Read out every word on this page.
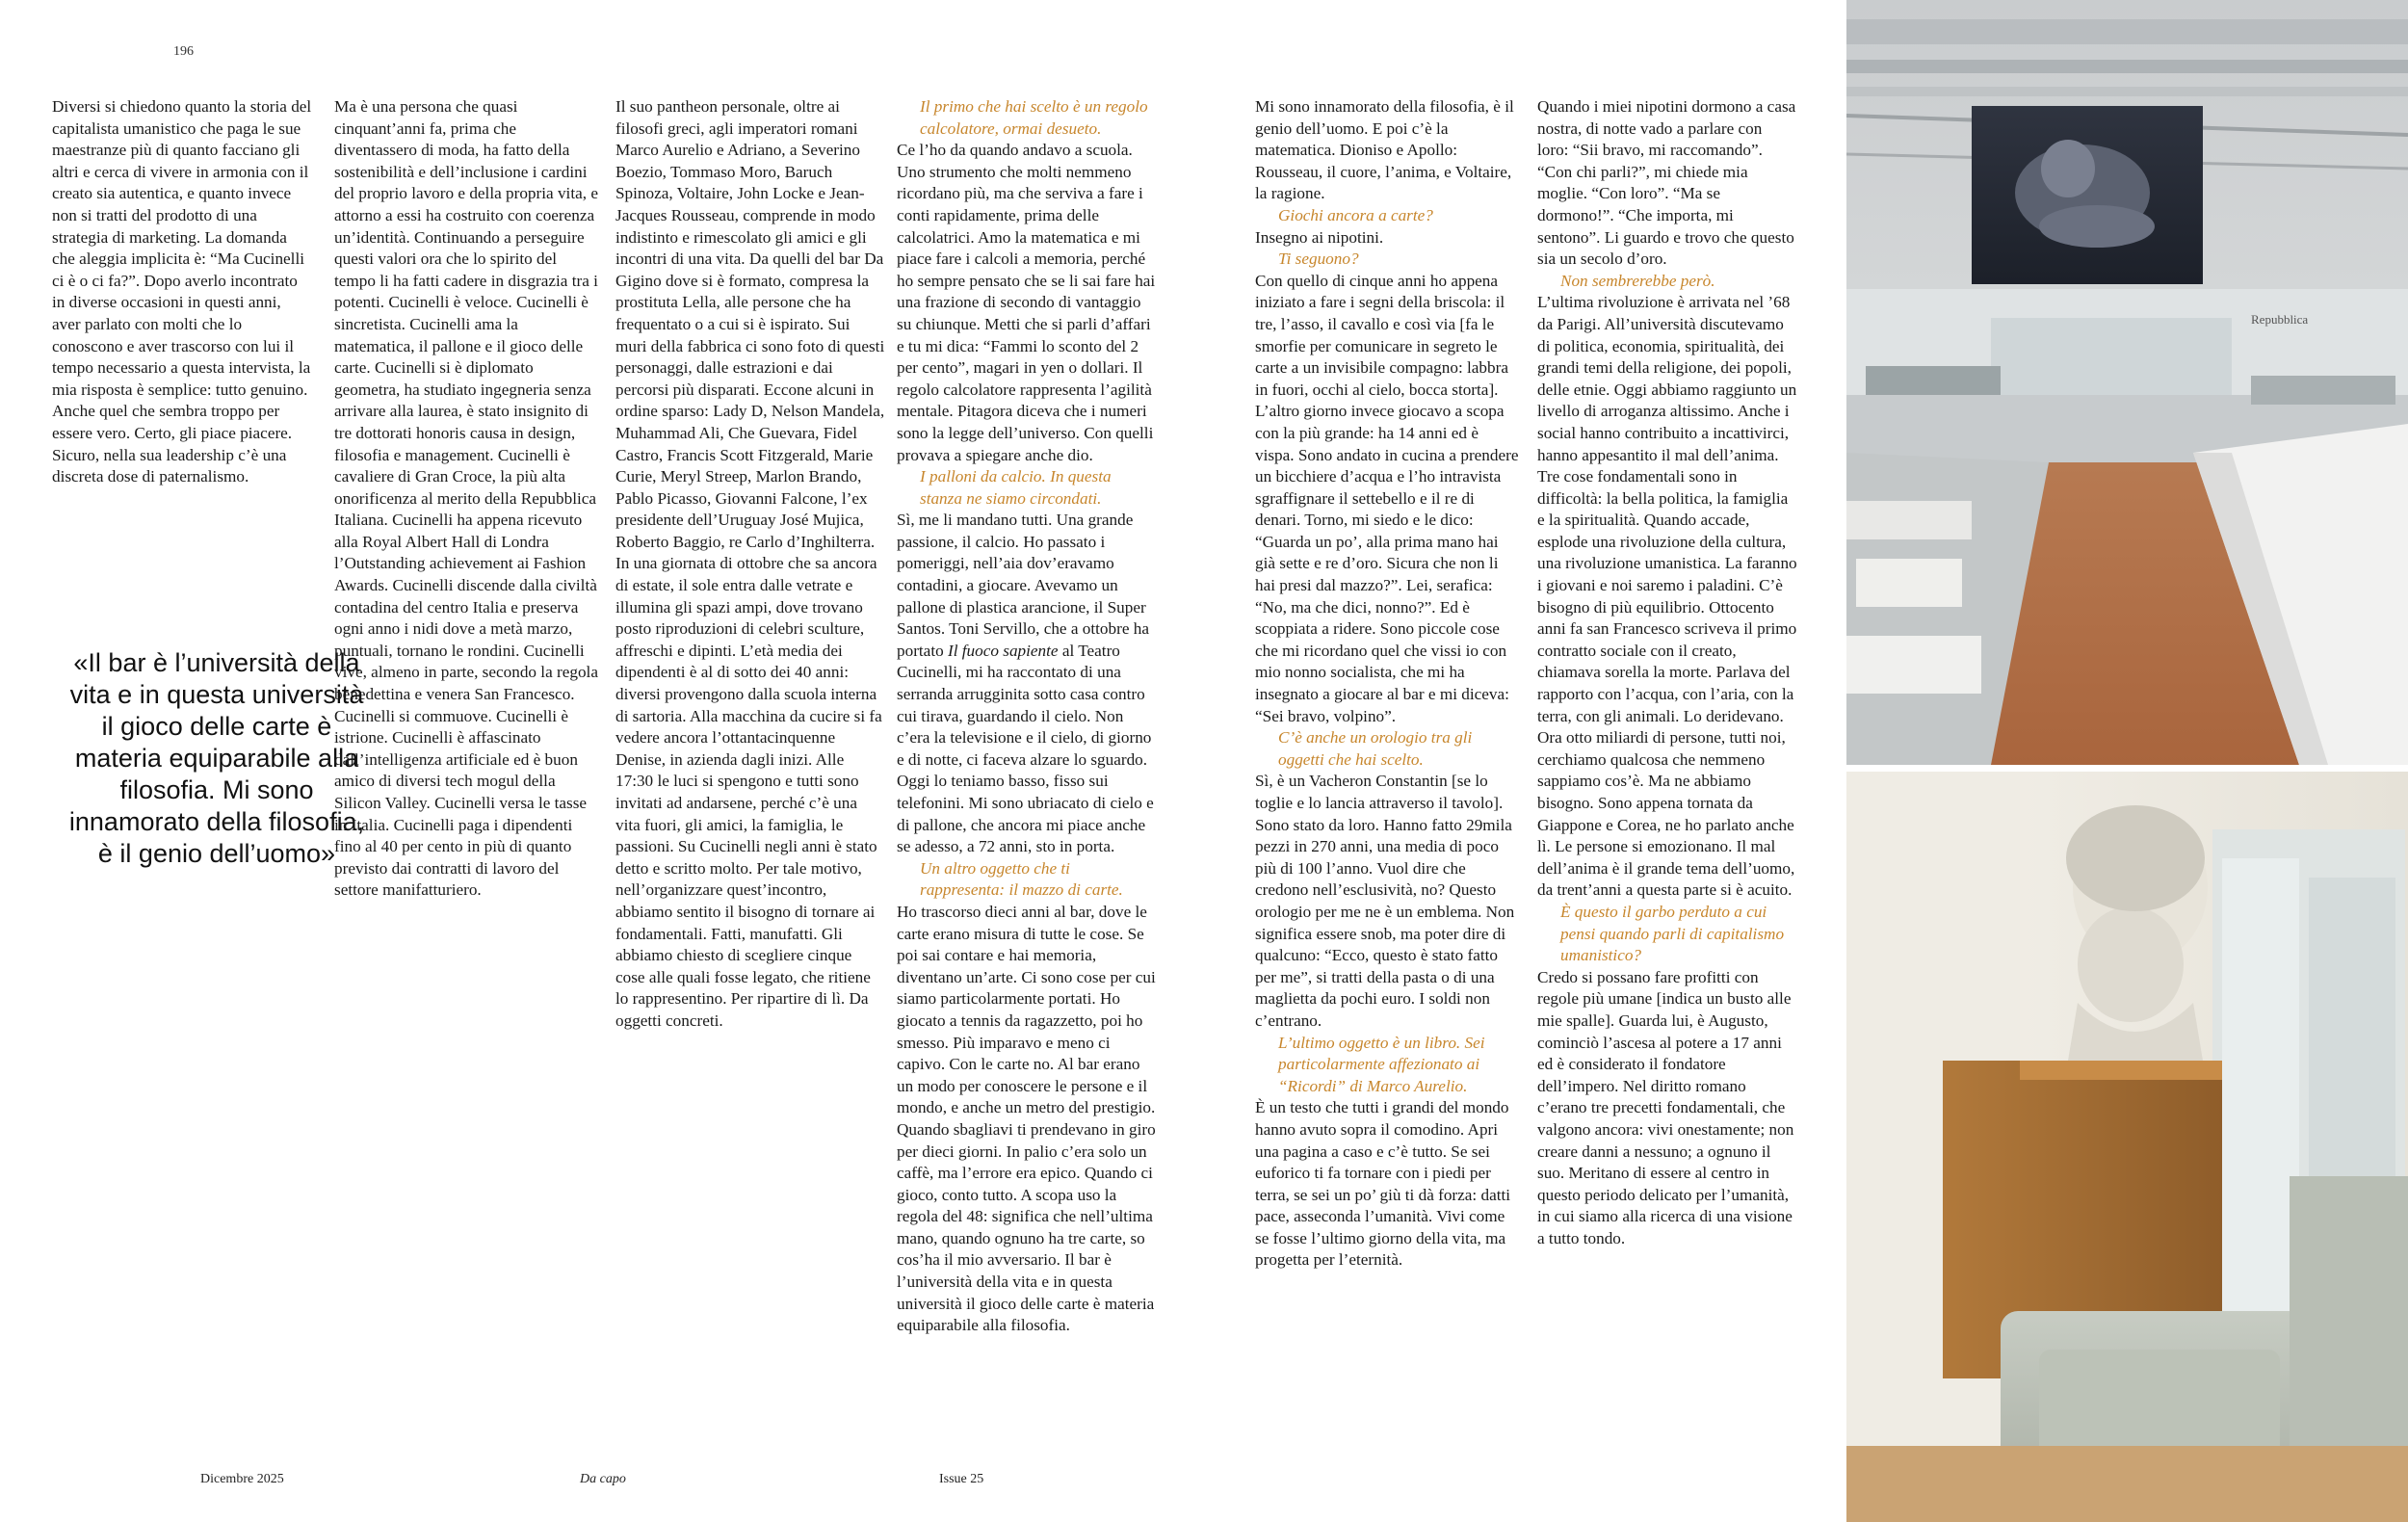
196

Diversi si chiedono quanto la storia del capitalista umanistico che paga le sue maestranze più di quanto facciano gli altri e cerca di vivere in armonia con il creato sia autentica, e quanto invece non si tratti del prodotto di una strategia di marketing. La domanda che aleggia implicita è: “Ma Cucinelli ci è o ci fa?”. Dopo averlo incontrato in diverse occasioni in questi anni, aver parlato con molti che lo conoscono e aver trascorso con lui il tempo necessario a questa intervista, la mia risposta è semplice: tutto genuino. Anche quel che sembra troppo per essere vero. Certo, gli piace piacere. Sicuro, nella sua leadership c’è una discreta dose di paternalismo.

«Il bar è l’università della vita e in questa università il gioco delle carte è materia equiparabile alla filosofia. Mi sono innamorato della filosofia, è il genio dell’uomo»

Ma è una persona che quasi cinquant’anni fa, prima che diventassero di moda, ha fatto della sostenibilità e dell’inclusione i cardini del proprio lavoro e della propria vita, e attorno a essi ha costruito con coerenza un’identità. Continuando a perseguire questi valori ora che lo spirito del tempo li ha fatti cadere in disgrazia tra i potenti. Cucinelli è veloce. Cucinelli è sincretista. Cucinelli ama la matematica, il pallone e il gioco delle carte. Cucinelli si è diplomato geometra, ha studiato ingegneria senza arrivare alla laurea, è stato insignito di tre dottorati honoris causa in design, filosofia e management. Cucinelli è cavaliere di Gran Croce, la più alta onorificenza al merito della Repubblica Italiana. Cucinelli ha appena ricevuto alla Royal Albert Hall di Londra l’Outstanding achievement ai Fashion Awards. Cucinelli discende dalla civiltà contadina del centro Italia e preserva ogni anno i nidi dove a metà marzo, puntuali, tornano le rondini. Cucinelli vive, almeno in parte, secondo la regola benedettina e venera San Francesco. Cucinelli si commuove. Cucinelli è istrione. Cucinelli è affascinato dall’intelligenza artificiale ed è buon amico di diversi tech mogul della Silicon Valley. Cucinelli versa le tasse in Italia. Cucinelli paga i dipendenti fino al 40 per cento in più di quanto previsto dai contratti di lavoro del settore manifatturiero.

Il suo pantheon personale, oltre ai filosofi greci, agli imperatori romani Marco Aurelio e Adriano, a Severino Boezio, Tommaso Moro, Baruch Spinoza, Voltaire, John Locke e Jean-Jacques Rousseau, comprende in modo indistinto e rimescolato gli amici e gli incontri di una vita. Da quelli del bar Da Gigino dove si è formato, compresa la prostituta Lella, alle persone che ha frequentato o a cui si è ispirato. Sui muri della fabbrica ci sono foto di questi personaggi, dalle estrazioni e dai percorsi più disparati. Eccone alcuni in ordine sparso: Lady D, Nelson Mandela, Muhammad Ali, Che Guevara, Fidel Castro, Francis Scott Fitzgerald, Marie Curie, Meryl Streep, Marlon Brando, Pablo Picasso, Giovanni Falcone, l’ex presidente dell’Uruguay José Mujica, Roberto Baggio, re Carlo d’Inghilterra. In una giornata di ottobre che sa ancora di estate, il sole entra dalle vetrate e illumina gli spazi ampi, dove trovano posto riproduzioni di celebri sculture, affreschi e dipinti. L’età media dei dipendenti è al di sotto dei 40 anni: diversi provengono dalla scuola interna di sartoria. Alla macchina da cucire si fa vedere ancora l’ottantacinquenne Denise, in azienda dagli inizi. Alle 17:30 le luci si spengono e tutti sono invitati ad andarsene, perché c’è una vita fuori, gli amici, la famiglia, le passioni. Su Cucinelli negli anni è stato detto e scritto molto. Per tale motivo, nell’organizzare quest’incontro, abbiamo sentito il bisogno di tornare ai fondamentali. Fatti, manufatti. Gli abbiamo chiesto di scegliere cinque cose alle quali fosse legato, che ritiene lo rappresentino. Per ripartire di lì. Da oggetti concreti.

Il primo che hai scelto è un regolo calcolatore, ormai desueto.

Ce l’ho da quando andavo a scuola. Uno strumento che molti nemmeno ricordano più, ma che serviva a fare i conti rapidamente, prima delle calcolatrici. Amo la matematica e mi piace fare i calcoli a memoria, perché ho sempre pensato che se li sai fare hai una frazione di secondo di vantaggio su chiunque. Metti che si parli d’affari e tu mi dica: “Fammi lo sconto del 2 per cento”, magari in yen o dollari. Il regolo calcolatore rappresenta l’agilità mentale. Pitagora diceva che i numeri sono la legge dell’universo. Con quelli provava a spiegare anche dio.

I palloni da calcio. In questa stanza ne siamo circondati.

Sì, me li mandano tutti. Una grande passione, il calcio. Ho passato i pomeriggi, nell’aia dov’eravamo contadini, a giocare. Avevamo un pallone di plastica arancione, il Super Santos. Toni Servillo, che a ottobre ha portato Il fuoco sapiente al Teatro Cucinelli, mi ha raccontato di una serranda arrugginita sotto casa contro cui tirava, guardando il cielo. Non c’era la televisione e il cielo, di giorno e di notte, ci faceva alzare lo sguardo. Oggi lo teniamo basso, fisso sui telefonini. Mi sono ubriacato di cielo e di pallone, che ancora mi piace anche se adesso, a 72 anni, sto in porta.

Un altro oggetto che ti rappresenta: il mazzo di carte.

Ho trascorso dieci anni al bar, dove le carte erano misura di tutte le cose. Se poi sai contare e hai memoria, diventano un’arte. Ci sono cose per cui siamo particolarmente portati. Ho giocato a tennis da ragazzetto, poi ho smesso. Più imparavo e meno ci capivo. Con le carte no. Al bar erano un modo per conoscere le persone e il mondo, e anche un metro del prestigio. Quando sbagliavi ti prendevano in giro per dieci giorni. In palio c’era solo un caffè, ma l’errore era epico. Quando ci gioco, conto tutto. A scopa uso la regola del 48: significa che nell’ultima mano, quando ognuno ha tre carte, so cos’ha il mio avversario. Il bar è l’università della vita e in questa università il gioco delle carte è materia equiparabile alla filosofia.

Mi sono innamorato della filosofia, è il genio dell’uomo. E poi c’è la matematica. Dioniso e Apollo: Rousseau, il cuore, l’anima, e Voltaire, la ragione.

Giochi ancora a carte?

Insegno ai nipotini.

Ti seguono?

Con quello di cinque anni ho appena iniziato a fare i segni della briscola: il tre, l’asso, il cavallo e così via [fa le smorfie per comunicare in segreto le carte a un invisibile compagno: labbra in fuori, occhi al cielo, bocca storta]. L’altro giorno invece giocavo a scopa con la più grande: ha 14 anni ed è vispa. Sono andato in cucina a prendere un bicchiere d’acqua e l’ho intravista sgraffignare il settebello e il re di denari. Torno, mi siedo e le dico: “Guarda un po’, alla prima mano hai già sette e re d’oro. Sicura che non li hai presi dal mazzo?”. Lei, serafica: “No, ma che dici, nonno?”. Ed è scoppiata a ridere. Sono piccole cose che mi ricordano quel che vissi io con mio nonno socialista, che mi ha insegnato a giocare al bar e mi diceva: “Sei bravo, volpino”.

C’è anche un orologio tra gli oggetti che hai scelto.

Sì, è un Vacheron Constantin [se lo toglie e lo lancia attraverso il tavolo]. Sono stato da loro. Hanno fatto 29mila pezzi in 270 anni, una media di poco più di 100 l’anno. Vuol dire che credono nell’esclusività, no? Questo orologio per me ne è un emblema. Non significa essere snob, ma poter dire di qualcuno: “Ecco, questo è stato fatto per me”, si tratti della pasta o di una maglietta da pochi euro. I soldi non c’entrano.

L’ultimo oggetto è un libro. Sei particolarmente affezionato ai “Ricordi” di Marco Aurelio.

È un testo che tutti i grandi del mondo hanno avuto sopra il comodino. Apri una pagina a caso e c’è tutto. Se sei euforico ti fa tornare con i piedi per terra, se sei un po’ giù ti dà forza: datti pace, asseconda l’umanità. Vivi come se fosse l’ultimo giorno della vita, ma progetta per l’eternità.

Quando i miei nipotini dormono a casa nostra, di notte vado a parlare con loro: “Sii bravo, mi raccomando”. “Con chi parli?”, mi chiede mia moglie. “Con loro”. “Ma se dormono!”. “Che importa, mi sentono”. Li guardo e trovo che questo sia un secolo d’oro.

Non sembrerebbe però.

L’ultima rivoluzione è arrivata nel ’68 da Parigi. All’università discutevamo di politica, economia, spiritualità, dei grandi temi della religione, dei popoli, delle etnie. Oggi abbiamo raggiunto un livello di arroganza altissimo. Anche i social hanno contribuito a incattivirci, hanno appesantito il mal dell’anima. Tre cose fondamentali sono in difficoltà: la bella politica, la famiglia e la spiritualità. Quando accade, esplode una rivoluzione della cultura, una rivoluzione umanistica. La faranno i giovani e noi saremo i paladini. C’è bisogno di più equilibrio. Ottocento anni fa san Francesco scriveva il primo contratto sociale con il creato, chiamava sorella la morte. Parlava del rapporto con l’acqua, con l’aria, con la terra, con gli animali. Lo deridevano. Ora otto miliardi di persone, tutti noi, cerchiamo qualcosa che nemmeno sappiamo cos’è. Ma ne abbiamo bisogno. Sono appena tornata da Giappone e Corea, ne ho parlato anche lì. Le persone si emozionano. Il mal dell’anima è il grande tema dell’uomo, da trent’anni a questa parte si è acuito.

È questo il garbo perduto a cui pensi quando parli di capitalismo umanistico?

Credo si possano fare profitti con regole più umane [indica un busto alle mie spalle]. Guarda lui, è Augusto, cominciò l’ascesa al potere a 17 anni ed è considerato il fondatore dell’impero. Nel diritto romano c’erano tre precetti fondamentali, che valgono ancora: vivi onestamente; non creare danni a nessuno; a ognuno il suo. Meritano di essere al centro in questo periodo delicato per l’umanità, in cui siamo alla ricerca di una visione a tutto tondo.

Dicembre 2025	Da capo	Issue 25
Repubblica
